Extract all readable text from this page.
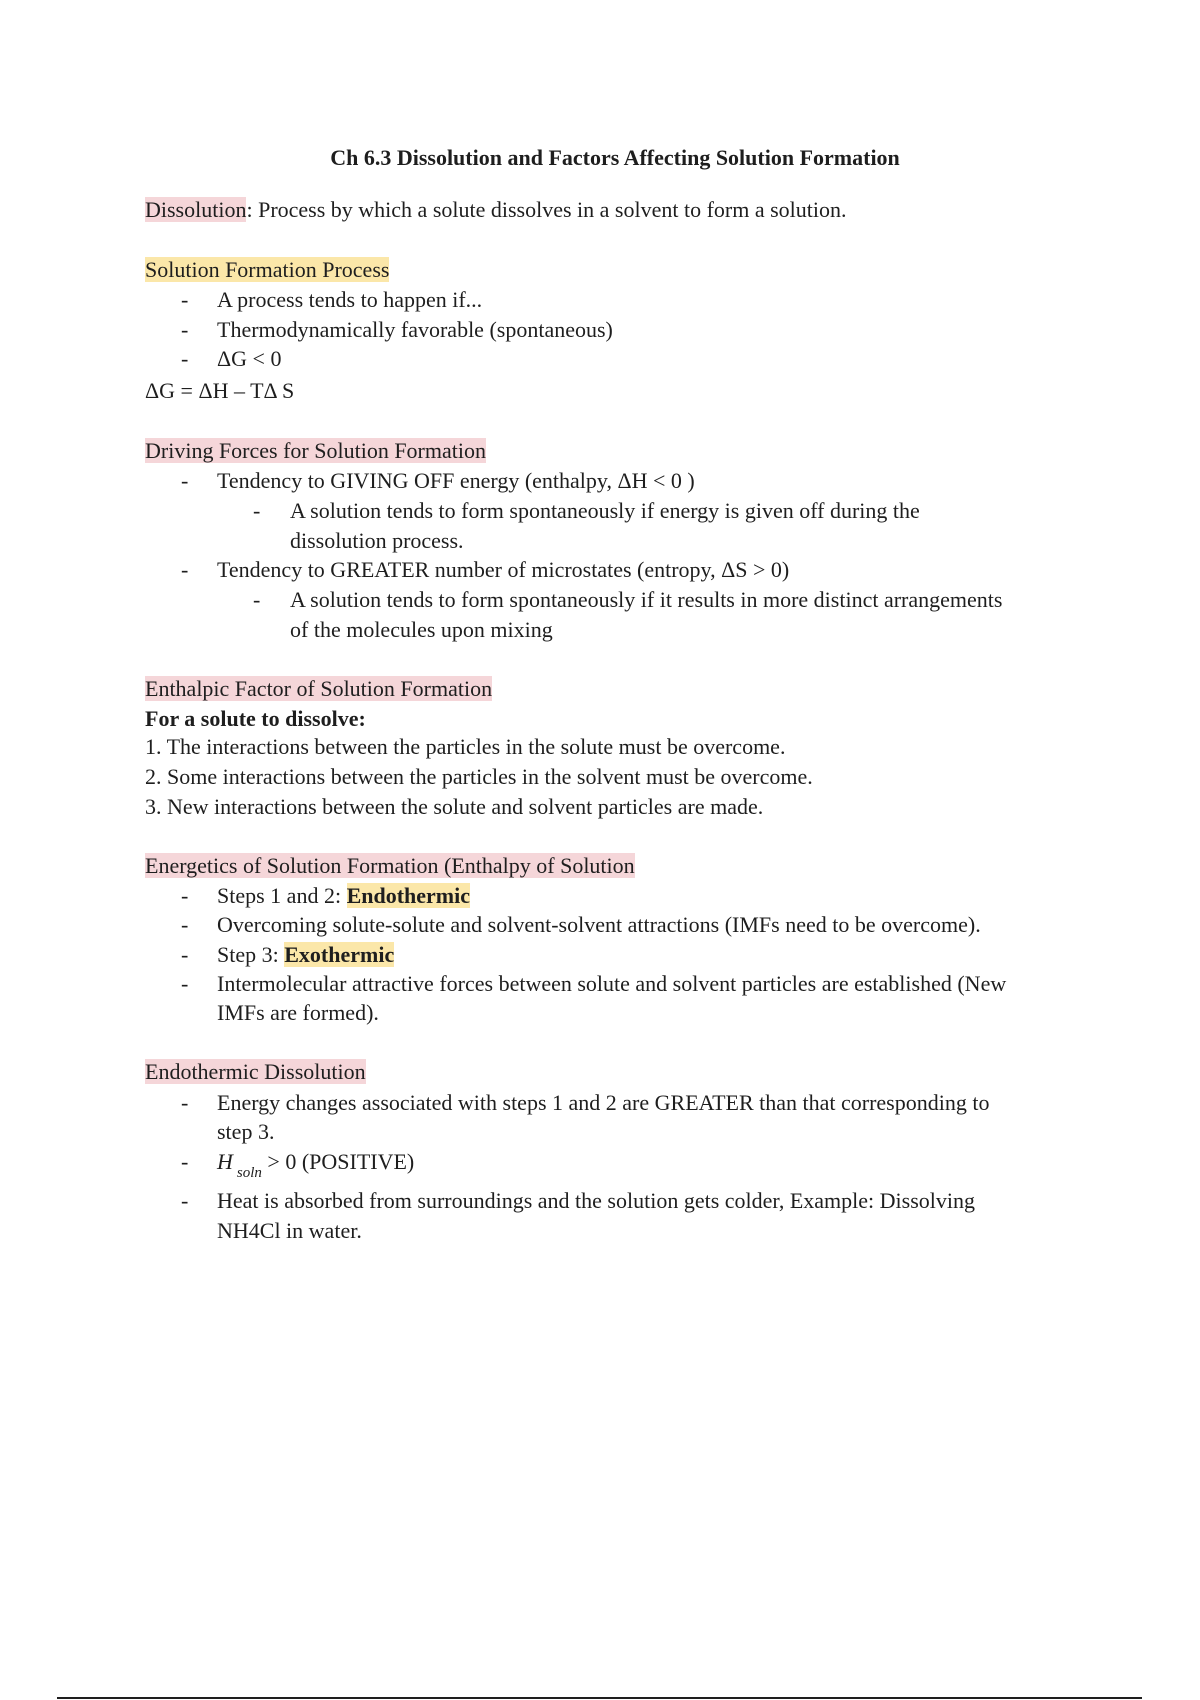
Ch 6.3 Dissolution and Factors Affecting Solution Formation

Dissolution: Process by which a solute dissolves in a solvent to form a solution.

Solution Formation Process

- A process tends to happen if...

- Thermodynamically favorable (spontaneous)

- ΔG < 0

ΔG = ΔH – TΔ S

Driving Forces for Solution Formation

- Tendency to GIVING OFF energy (enthalpy, ΔH < 0 )

- A solution tends to form spontaneously if energy is given off during the

dissolution process.

- Tendency to GREATER number of microstates (entropy, ΔS > 0)

- A solution tends to form spontaneously if it results in more distinct arrangements

of the molecules upon mixing

Enthalpic Factor of Solution Formation

For a solute to dissolve:

1. The interactions between the particles in the solute must be overcome.

2. Some interactions between the particles in the solvent must be overcome.

3. New interactions between the solute and solvent particles are made.

Energetics of Solution Formation (Enthalpy of Solution

- Steps 1 and 2: Endothermic

- Overcoming solute-solute and solvent-solvent attractions (IMFs need to be overcome).

- Step 3: Exothermic

- Intermolecular attractive forces between solute and solvent particles are established (New

IMFs are formed).

Endothermic Dissolution

- Energy changes associated with steps 1 and 2 are GREATER than that corresponding to

step 3.

- H $_{soln}$ > 0 (POSITIVE)

- Heat is absorbed from surroundings and the solution gets colder, Example: Dissolving

NH4Cl in water.
